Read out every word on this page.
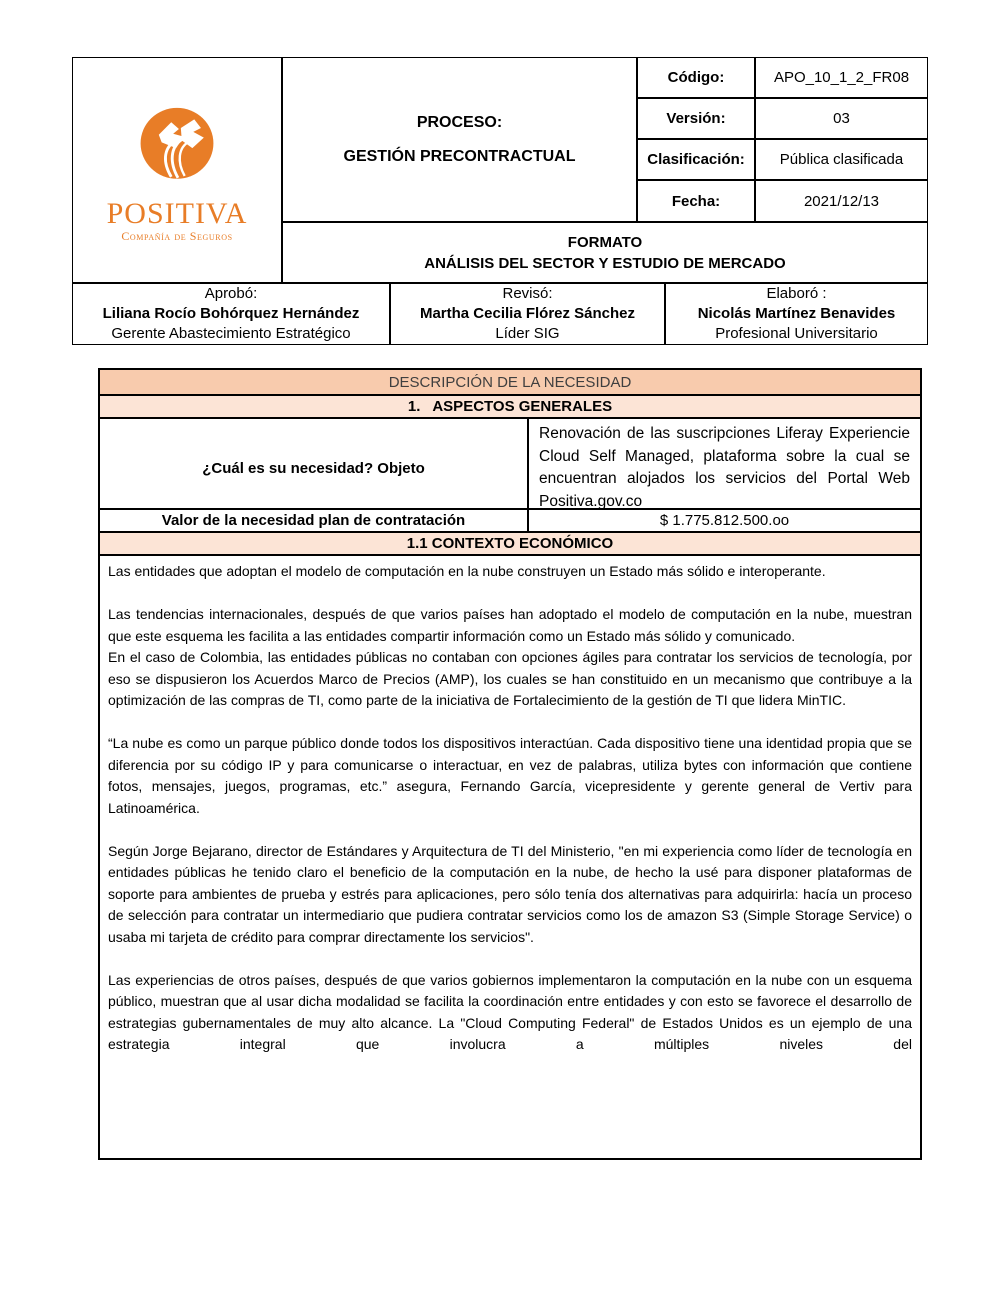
POSITIVA
Compañía de Seguros
PROCESO:
GESTIÓN PRECONTRACTUAL
Código:	APO_10_1_2_FR08
Versión:	03
Clasificación:	Pública clasificada
Fecha:	2021/12/13
FORMATO
ANÁLISIS DEL SECTOR Y ESTUDIO DE MERCADO
Aprobó:
Liliana Rocío Bohórquez Hernández
Gerente Abastecimiento Estratégico
Revisó:
Martha Cecilia Flórez Sánchez
Líder SIG
Elaboró :
Nicolás Martínez Benavides
Profesional Universitario
DESCRIPCIÓN DE LA NECESIDAD
1.   ASPECTOS GENERALES
¿Cuál es su necesidad? Objeto
Renovación de las suscripciones Liferay Experiencie Cloud Self Managed, plataforma sobre la cual se encuentran alojados los servicios del Portal Web Positiva.gov.co
Valor de la necesidad plan de contratación	$ 1.775.812.500.oo
1.1 CONTEXTO ECONÓMICO

Las entidades que adoptan el modelo de computación en la nube construyen un Estado más sólido e interoperante.

Las tendencias internacionales, después de que varios países han adoptado el modelo de computación en la nube, muestran que este esquema les facilita a las entidades compartir información como un Estado más sólido y comunicado.

En el caso de Colombia, las entidades públicas no contaban con opciones ágiles para contratar los servicios de tecnología, por eso se dispusieron los Acuerdos Marco de Precios (AMP), los cuales se han constituido en un mecanismo que contribuye a la optimización de las compras de TI, como parte de la iniciativa de Fortalecimiento de la gestión de TI que lidera MinTIC.

“La nube es como un parque público donde todos los dispositivos interactúan. Cada dispositivo tiene una identidad propia que se diferencia por su código IP y para comunicarse o interactuar, en vez de palabras, utiliza bytes con información que contiene fotos, mensajes, juegos, programas, etc.” asegura, Fernando García, vicepresidente y gerente general de Vertiv para Latinoamérica.

Según Jorge Bejarano, director de Estándares y Arquitectura de TI del Ministerio, "en mi experiencia como líder de tecnología en entidades públicas he tenido claro el beneficio de la computación en la nube, de hecho la usé para disponer plataformas de soporte para ambientes de prueba y estrés para aplicaciones, pero sólo tenía dos alternativas para adquirirla: hacía un proceso de selección para contratar un intermediario que pudiera contratar servicios como los de amazon S3 (Simple Storage Service) o usaba mi tarjeta de crédito para comprar directamente los servicios".

Las experiencias de otros países, después de que varios gobiernos implementaron la computación en la nube con un esquema público, muestran que al usar dicha modalidad se facilita la coordinación entre entidades y con esto se favorece el desarrollo de estrategias gubernamentales de muy alto alcance. La "Cloud Computing Federal" de Estados Unidos es un ejemplo de una estrategia integral que involucra a múltiples niveles del
